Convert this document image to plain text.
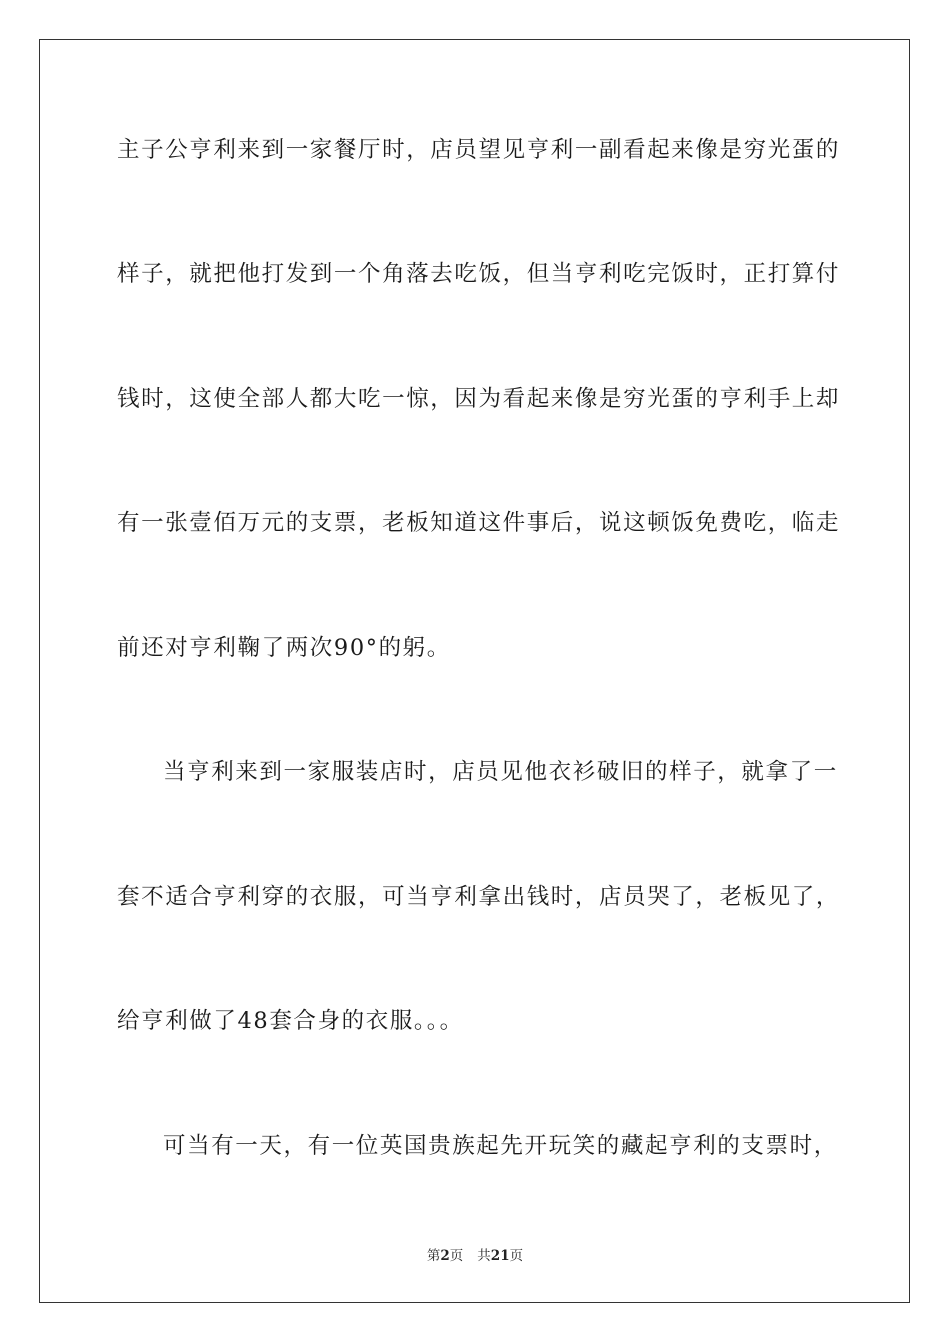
主子公亨利来到一家餐厅时，店员望见亨利一副看起来像是穷光蛋的
样子，就把他打发到一个角落去吃饭，但当亨利吃完饭时，正打算付
钱时，这使全部人都大吃一惊，因为看起来像是穷光蛋的亨利手上却
有一张壹佰万元的支票，老板知道这件事后，说这顿饭免费吃，临走
前还对亨利鞠了两次90°的躬。
当亨利来到一家服装店时，店员见他衣衫破旧的样子，就拿了一
套不适合亨利穿的衣服，可当亨利拿出钱时，店员哭了，老板见了，
给亨利做了48套合身的衣服。。。
可当有一天，有一位英国贵族起先开玩笑的藏起亨利的支票时，
第2页 共21页
